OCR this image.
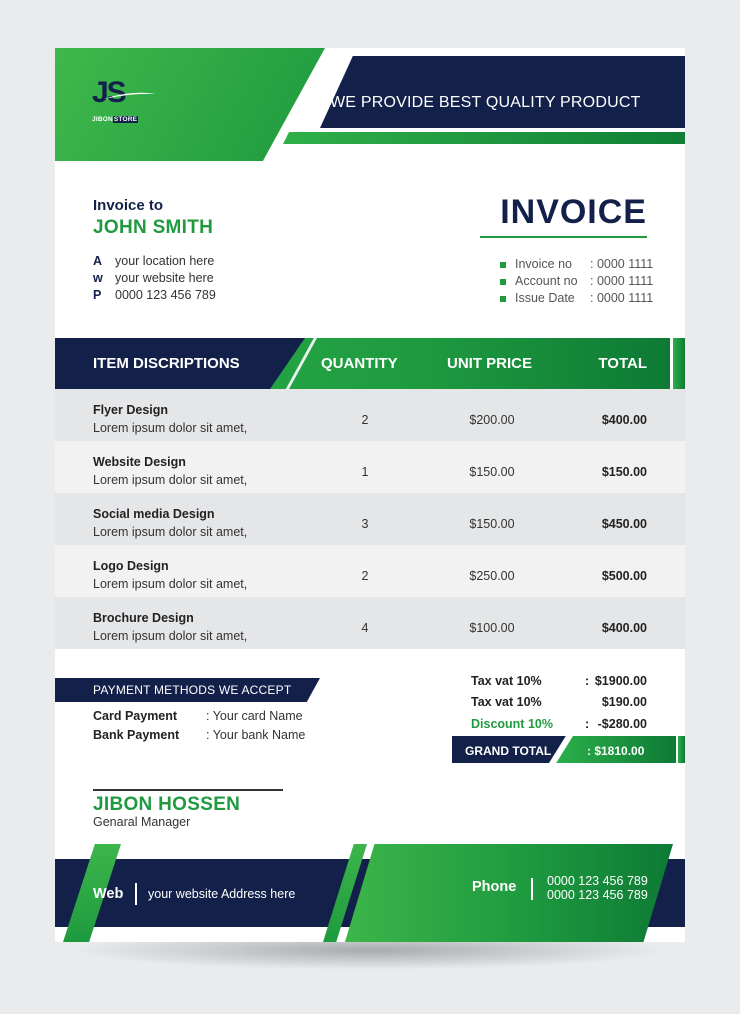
WE PROVIDE BEST QUALITY PRODUCT
JS
JIBONSTORE
Invoice to
JOHN SMITH
A your location here
w your website here
P 0000 123 456 789
INVOICE
Invoice no : 0000 1111
Account no : 0000 1111
Issue Date : 0000 1111
ITEM DISCRIPTIONS	QUANTITY	UNIT PRICE	TOTAL
Flyer Design
Lorem ipsum dolor sit amet,
2	$200.00	$400.00
Website Design
Lorem ipsum dolor sit amet,
1	$150.00	$150.00
Social media Design
Lorem ipsum dolor sit amet,
3	$150.00	$450.00
Logo Design
Lorem ipsum dolor sit amet,
2	$250.00	$500.00
Brochure Design
Lorem ipsum dolor sit amet,
4	$100.00	$400.00
PAYMENT METHODS WE ACCEPT
Card Payment : Your card Name
Bank Payment : Your bank Name
Tax vat 10%	: $1900.00
Tax vat 10%	$190.00
Discount 10%	: -$280.00
GRAND TOTAL	: $1810.00
JIBON HOSSEN
Genaral Manager
Web your website Address here	Phone 0000 123 456 789
0000 123 456 789
